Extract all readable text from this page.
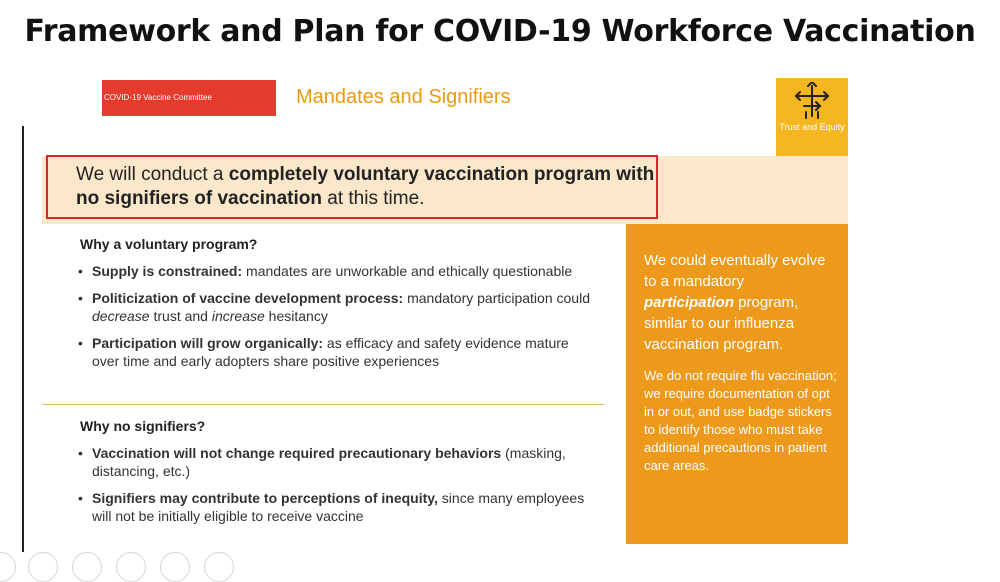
Framework and Plan for COVID-19 Workforce Vaccination
COVID-19 Vaccine Committee	Mandates and Signifiers
Trust and Equity
We will conduct a completely voluntary vaccination program with no signifiers of vaccination at this time.
Why a voluntary program?
• Supply is constrained: mandates are unworkable and ethically questionable
• Politicization of vaccine development process: mandatory participation could decrease trust and increase hesitancy
• Participation will grow organically: as efficacy and safety evidence mature over time and early adopters share positive experiences
Why no signifiers?
• Vaccination will not change required precautionary behaviors (masking, distancing, etc.)
• Signifiers may contribute to perceptions of inequity, since many employees will not be initially eligible to receive vaccine

We could eventually evolve to a mandatory participation program, similar to our influenza vaccination program.

We do not require flu vaccination; we require documentation of opt in or out, and use badge stickers to identify those who must take additional precautions in patient care areas.
